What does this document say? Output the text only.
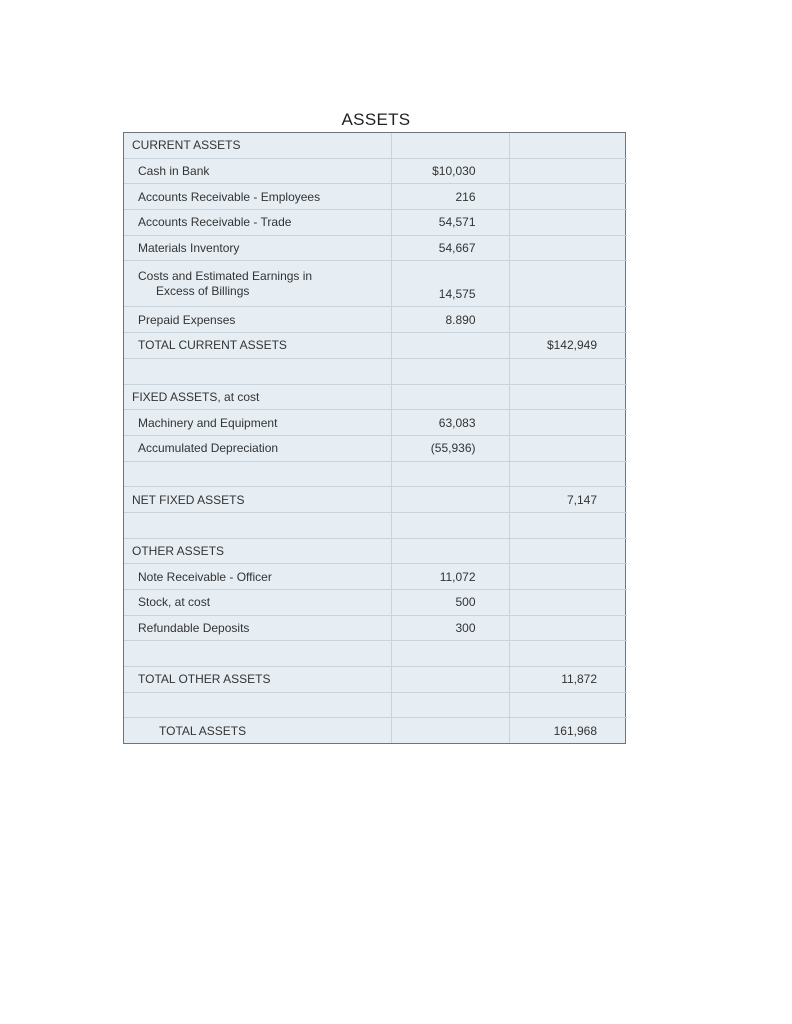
ASSETS
CURRENT ASSETS		
Cash in Bank	$10,030	
Accounts Receivable - Employees	216	
Accounts Receivable - Trade	54,571	
Materials Inventory	54,667	
Costs and Estimated Earnings in

Excess of Billings	14,575	
Prepaid Expenses	8.890	
TOTAL CURRENT ASSETS		$142,949

FIXED ASSETS, at cost		
Machinery and Equipment	63,083	
Accumulated Depreciation	(55,936)	

NET FIXED ASSETS		7,147

OTHER ASSETS		
Note Receivable - Officer	11,072	
Stock, at cost	500	
Refundable Deposits	300	

TOTAL OTHER ASSETS		11,872

TOTAL ASSETS		161,968
